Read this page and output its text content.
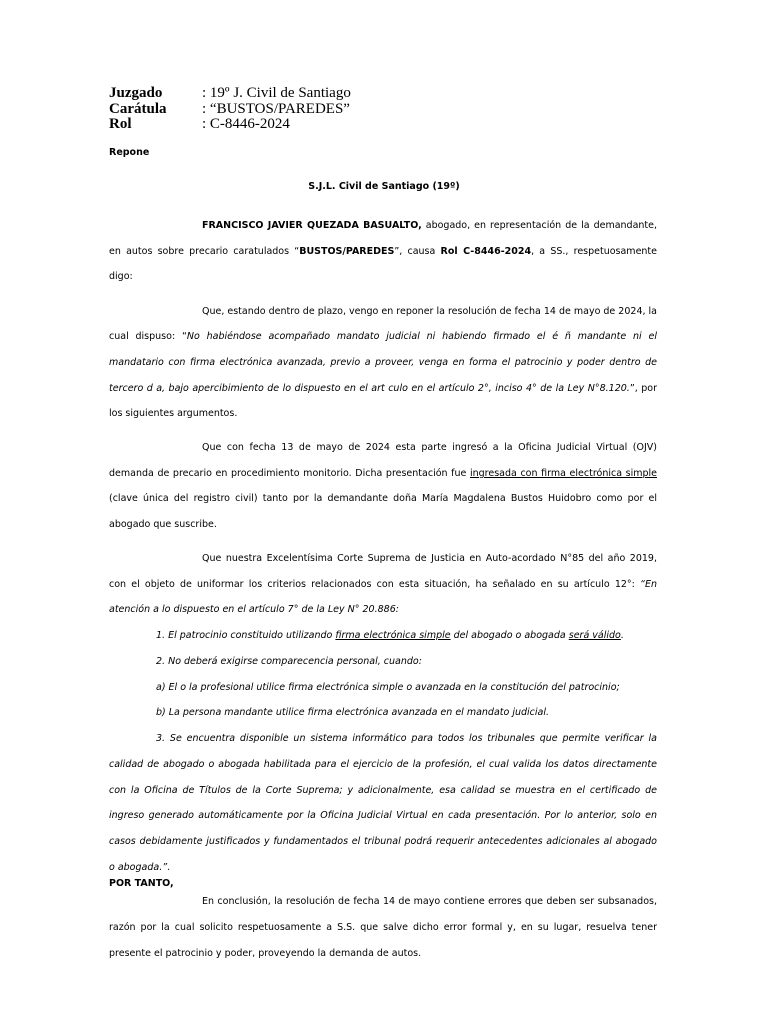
Juzgado	: 19º J. Civil de Santiago
Carátula	: “BUSTOS/PAREDES”
Rol	: C-8446-2024
Repone
S.J.L. Civil de Santiago (19º)

FRANCISCO JAVIER QUEZADA BASUALTO, abogado, en representación de la demandante, en autos sobre precario caratulados “BUSTOS/PAREDES”, causa Rol C-8446-2024, a SS., respetuosamente digo:

Que, estando dentro de plazo, vengo en reponer la resolución de fecha 14 de mayo de 2024, la cual dispuso: “No habiéndose acompañado mandato judicial ni habiendo firmado el é ñ mandante ni el mandatario con firma electrónica avanzada, previo a proveer, venga en forma el patrocinio y poder dentro de tercero d a, bajo apercibimiento de lo dispuesto en el art culo en el artículo 2°, inciso 4° de la Ley N°8.120.”, por los siguientes argumentos.

Que con fecha 13 de mayo de 2024 esta parte ingresó a la Oficina Judicial Virtual (OJV) demanda de precario en procedimiento monitorio. Dicha presentación fue ingresada con firma electrónica simple (clave única del registro civil) tanto por la demandante doña María Magdalena Bustos Huidobro como por el abogado que suscribe.

Que nuestra Excelentísima Corte Suprema de Justicia en Auto-acordado N°85 del año 2019, con el objeto de uniformar los criterios relacionados con esta situación, ha señalado en su artículo 12°: “En atención a lo dispuesto en el artículo 7° de la Ley N° 20.886:

1. El patrocinio constituido utilizando firma electrónica simple del abogado o abogada será válido.

2. No deberá exigirse comparecencia personal, cuando:

a) El o la profesional utilice firma electrónica simple o avanzada en la constitución del patrocinio;

b) La persona mandante utilice firma electrónica avanzada en el mandato judicial.

3. Se encuentra disponible un sistema informático para todos los tribunales que permite verificar la calidad de abogado o abogada habilitada para el ejercicio de la profesión, el cual valida los datos directamente con la Oficina de Títulos de la Corte Suprema; y adicionalmente, esa calidad se muestra en el certificado de ingreso generado automáticamente por la Oficina Judicial Virtual en cada presentación. Por lo anterior, solo en casos debidamente justificados y fundamentados el tribunal podrá requerir antecedentes adicionales al abogado o abogada.”.

En conclusión, la resolución de fecha 14 de mayo contiene errores que deben ser subsanados, razón por la cual solicito respetuosamente a S.S. que salve dicho error formal y, en su lugar, resuelva tener presente el patrocinio y poder, proveyendo la demanda de autos.

POR TANTO,
